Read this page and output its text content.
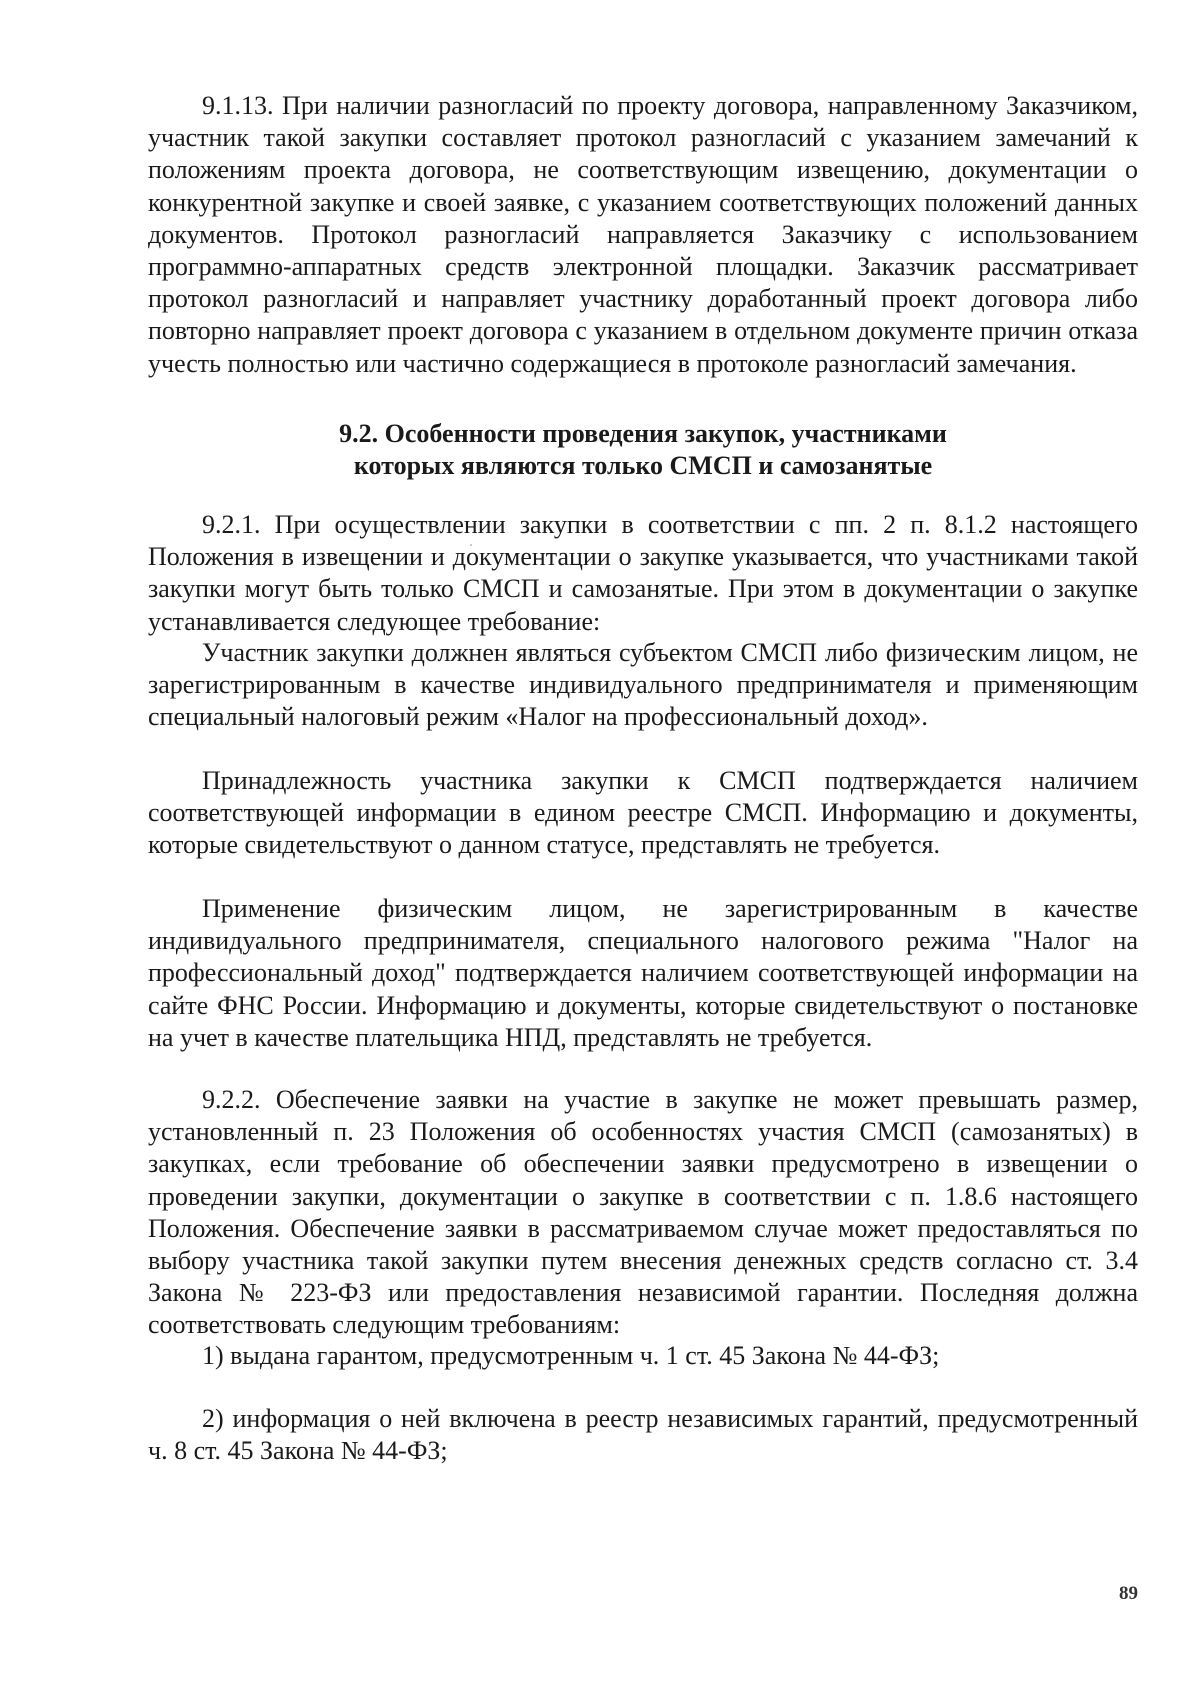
9.1.13. При наличии разногласий по проекту договора, направленному Заказчиком, участник такой закупки составляет протокол разногласий с указанием замечаний к положениям проекта договора, не соответствующим извещению, документации о конкурентной закупке и своей заявке, с указанием соответствующих положений данных документов. Протокол разногласий направляется Заказчику с использованием программно-аппаратных средств электронной площадки. Заказчик рассматривает протокол разногласий и направляет участнику доработанный проект договора либо повторно направляет проект договора с указанием в отдельном документе причин отказа учесть полностью или частично содержащиеся в протоколе разногласий замечания.

9.2. Особенности проведения закупок, участниками
которых являются только СМСП и самозанятые

9.2.1. При осуществлении закупки в соответствии с пп. 2 п. 8.1.2 настоящего Положения в извещении и документации о закупке указывается, что участниками такой закупки могут быть только СМСП и самозанятые. При этом в документации о закупке устанавливается следующее требование:

Участник закупки должнен являться субъектом СМСП либо физическим лицом, не зарегистрированным в качестве индивидуального предпринимателя и применяющим специальный налоговый режим «Налог на профессиональный доход».

Принадлежность участника закупки к СМСП подтверждается наличием соответствующей информации в едином реестре СМСП. Информацию и документы, которые свидетельствуют о данном статусе, представлять не требуется.

Применение физическим лицом, не зарегистрированным в качестве индивидуального предпринимателя, специального налогового режима "Налог на профессиональный доход" подтверждается наличием соответствующей информации на сайте ФНС России. Информацию и документы, которые свидетельствуют о постановке на учет в качестве плательщика НПД, представлять не требуется.

9.2.2. Обеспечение заявки на участие в закупке не может превышать размер, установленный п. 23 Положения об особенностях участия СМСП (самозанятых) в закупках, если требование об обеспечении заявки предусмотрено в извещении о проведении закупки, документации о закупке в соответствии с п. 1.8.6 настоящего Положения. Обеспечение заявки в рассматриваемом случае может предоставляться по выбору участника такой закупки путем внесения денежных средств согласно ст. 3.4 Закона № 223-ФЗ или предоставления независимой гарантии. Последняя должна соответствовать следующим требованиям:

1) выдана гарантом, предусмотренным ч. 1 ст. 45 Закона № 44-ФЗ;

2) информация о ней включена в реестр независимых гарантий, предусмотренный ч. 8 ст. 45 Закона № 44-ФЗ;

89
